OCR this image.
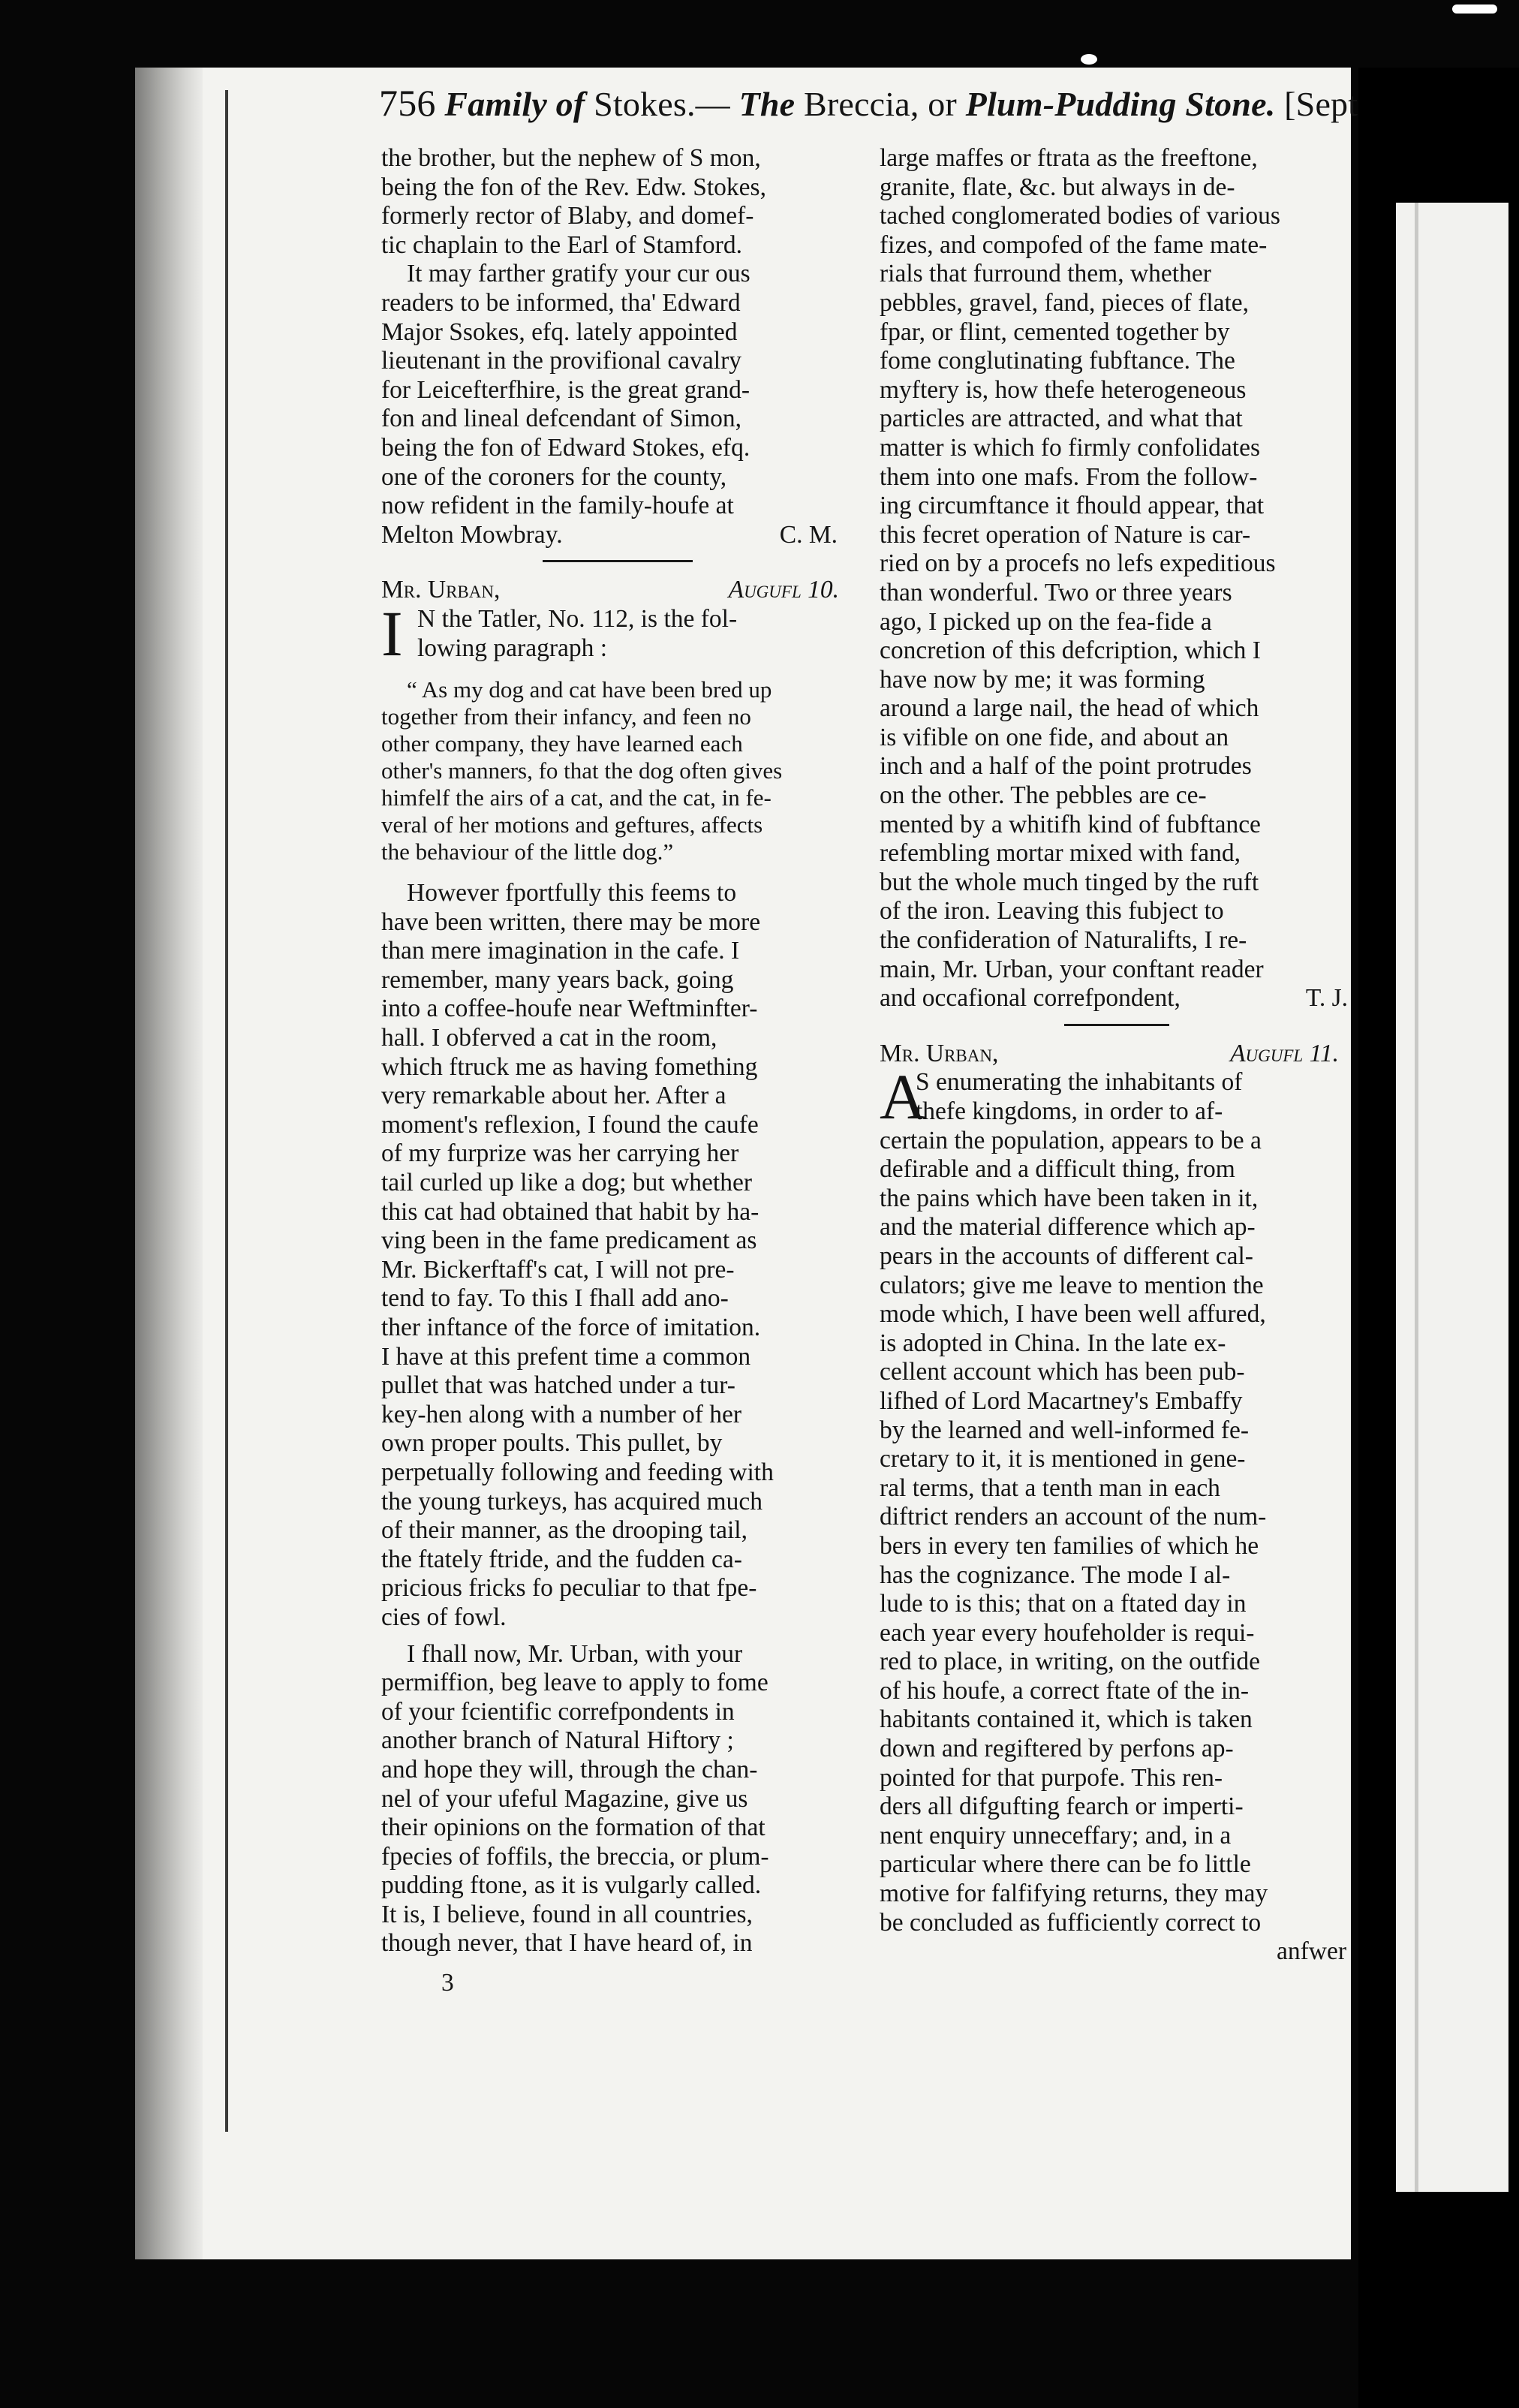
756 Family of Stokes.— The Breccia, or Plum-Pudding Stone. [Sept

the brother, but the nephew of S mon,
being the fon of the Rev. Edw. Stokes,
formerly rector of Blaby, and domef-
tic chaplain to the Earl of Stamford.
It may farther gratify your cur ous
readers to be informed, tha' Edward
Major Ssokes, efq. lately appointed
lieutenant in the provifional cavalry
for Leicefterfhire, is the great grand-
fon and lineal defcendant of Simon,
being the fon of Edward Stokes, efq.
one of the coroners for the county,
now refident in the family-houfe at
Melton Mowbray.	C. M.

Mr. Urban,	Augufl 10.
I N the Tatler, No. 112, is the fol-
lowing paragraph :

“ As my dog and cat have been bred up
together from their infancy, and feen no
other company, they have learned each
other's manners, fo that the dog often gives
himfelf the airs of a cat, and the cat, in fe-
veral of her motions and geftures, affects
the behaviour of the little dog.”

However fportfully this feems to
have been written, there may be more
than mere imagination in the cafe. I
remember, many years back, going
into a coffee-houfe near Weftminfter-
hall. I obferved a cat in the room,
which ftruck me as having fomething
very remarkable about her. After a
moment's reflexion, I found the caufe
of my furprize was her carrying her
tail curled up like a dog; but whether
this cat had obtained that habit by ha-
ving been in the fame predicament as
Mr. Bickerftaff's cat, I will not pre-
tend to fay. To this I fhall add ano-
ther inftance of the force of imitation.
I have at this prefent time a common
pullet that was hatched under a tur-
key-hen along with a number of her
own proper poults. This pullet, by
perpetually following and feeding with
the young turkeys, has acquired much
of their manner, as the drooping tail,
the ftately ftride, and the fudden ca-
pricious fricks fo peculiar to that fpe-
cies of fowl.

I fhall now, Mr. Urban, with your
permiffion, beg leave to apply to fome
of your fcientific correfpondents in
another branch of Natural Hiftory ;
and hope they will, through the chan-
nel of your ufeful Magazine, give us
their opinions on the formation of that
fpecies of foffils, the breccia, or plum-
pudding ftone, as it is vulgarly called.
It is, I believe, found in all countries,
though never, that I have heard of, in

3

large maffes or ftrata as the freeftone,
granite, flate, &c. but always in de-
tached conglomerated bodies of various
fizes, and compofed of the fame mate-
rials that furround them, whether
pebbles, gravel, fand, pieces of flate,
fpar, or flint, cemented together by
fome conglutinating fubftance. The
myftery is, how thefe heterogeneous
particles are attracted, and what that
matter is which fo firmly confolidates
them into one mafs. From the follow-
ing circumftance it fhould appear, that
this fecret operation of Nature is car-
ried on by a procefs no lefs expeditious
than wonderful. Two or three years
ago, I picked up on the fea-fide a
concretion of this defcription, which I
have now by me; it was forming
around a large nail, the head of which
is vifible on one fide, and about an
inch and a half of the point protrudes
on the other. The pebbles are ce-
mented by a whitifh kind of fubftance
refembling mortar mixed with fand,
but the whole much tinged by the ruft
of the iron. Leaving this fubject to
the confideration of Naturalifts, I re-
main, Mr. Urban, your conftant reader
and occafional correfpondent,	T. J.

Mr. Urban,	Augufl 11.
A
S enumerating the inhabitants of
thefe kingdoms, in order to af-

certain the population, appears to be a
defirable and a difficult thing, from
the pains which have been taken in it,
and the material difference which ap-
pears in the accounts of different cal-
culators; give me leave to mention the
mode which, I have been well affured,
is adopted in China. In the late ex-
cellent account which has been pub-
lifhed of Lord Macartney's Embaffy
by the learned and well-informed fe-
cretary to it, it is mentioned in gene-
ral terms, that a tenth man in each
diftrict renders an account of the num-
bers in every ten families of which he
has the cognizance. The mode I al-
lude to is this; that on a ftated day in
each year every houfeholder is requi-
red to place, in writing, on the outfide
of his houfe, a correct ftate of the in-
habitants contained it, which is taken
down and regiftered by perfons ap-
pointed for that purpofe. This ren-
ders all difgufting fearch or imperti-
nent enquiry unneceffary; and, in a
particular where there can be fo little
motive for falfifying returns, they may
be concluded as fufficiently correct to

anfwer
